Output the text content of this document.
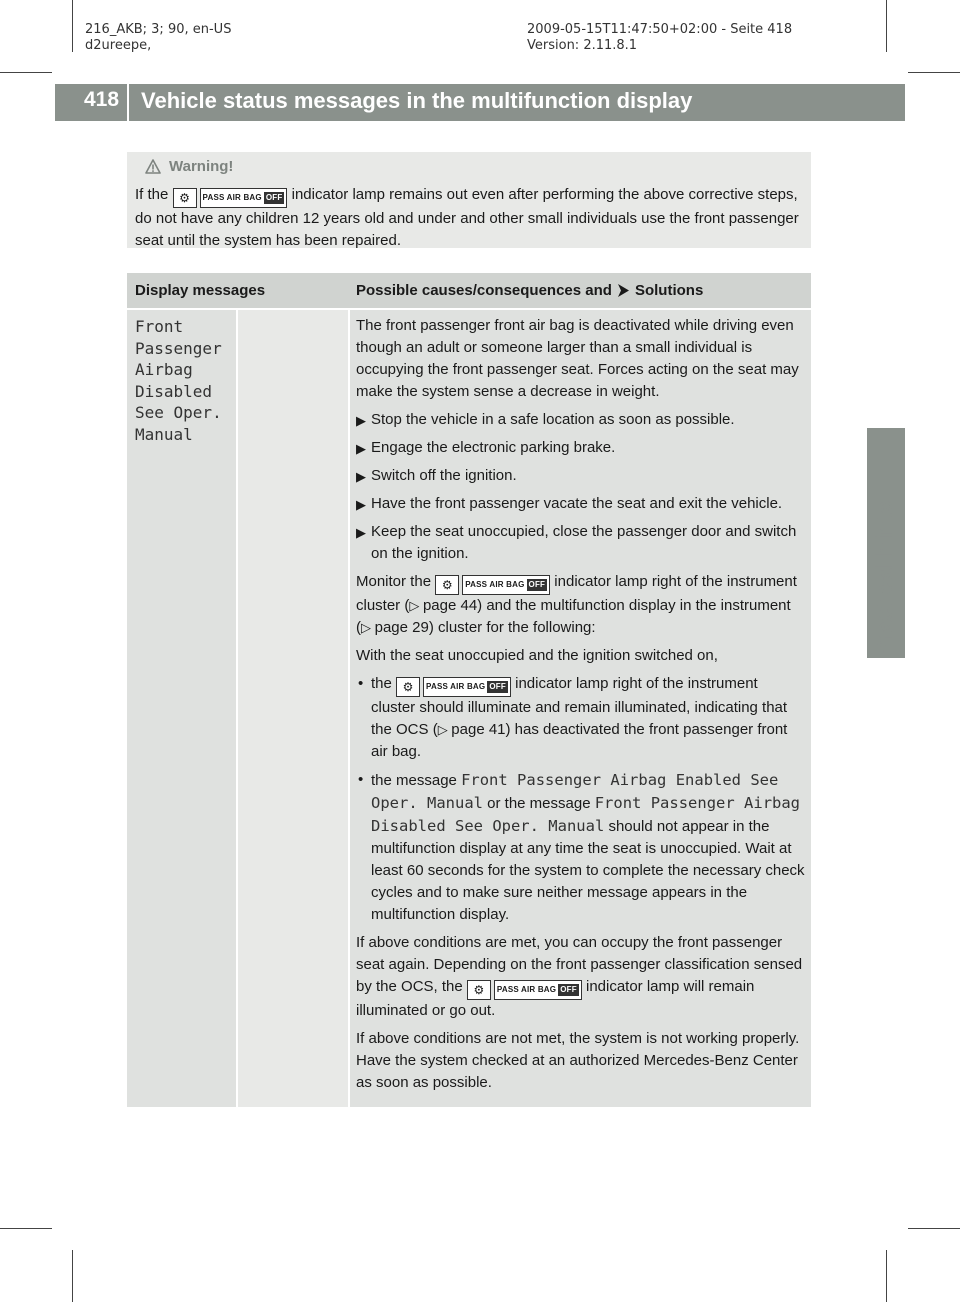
216_AKB; 3; 90, en-US
d2ureepe,
2009-05-15T11:47:50+02:00 - Seite 418
Version: 2.11.8.1
418 Vehicle status messages in the multifunction display
Practical hints
Warning!
If the ⚙	PASS AIR BAG OFF indicator lamp remains out even after performing the above corrective steps, do not have any children 12 years old and under and other small individuals use the front passenger seat until the system has been repaired.
Display messages	Possible causes/consequences and Solutions
Front
Passenger
Airbag
Disabled
See Oper.
Manual

The front passenger front air bag is deactivated while driving even though an adult or someone larger than a small individual is occupying the front passenger seat. Forces acting on the seat may make the system sense a decrease in weight.

▶ Stop the vehicle in a safe location as soon as possible.
▶ Engage the electronic parking brake.
▶ Switch off the ignition.
▶ Have the front passenger vacate the seat and exit the vehicle.
▶ Keep the seat unoccupied, close the passenger door and switch on the ignition.

Monitor the ⚙	PASS AIR BAG OFF indicator lamp right of the instrument cluster (▷ page 44) and the multifunction display in the instrument (▷ page 29) cluster for the following:

With the seat unoccupied and the ignition switched on,

• the ⚙	PASS AIR BAG OFF indicator lamp right of the instrument cluster should illuminate and remain illuminated, indicating that the OCS (▷ page 41) has deactivated the front passenger front air bag.
• the message Front Passenger Airbag Enabled See Oper. Manual or the message Front Passenger Airbag Disabled See Oper. Manual should not appear in the multifunction display at any time the seat is unoccupied. Wait at least 60 seconds for the system to complete the necessary check cycles and to make sure neither message appears in the multifunction display.

If above conditions are met, you can occupy the front passenger seat again. Depending on the front passenger classification sensed by the OCS, the ⚙	PASS AIR BAG OFF indicator lamp will remain illuminated or go out.

If above conditions are not met, the system is not working properly. Have the system checked at an authorized Mercedes-Benz Center as soon as possible.
